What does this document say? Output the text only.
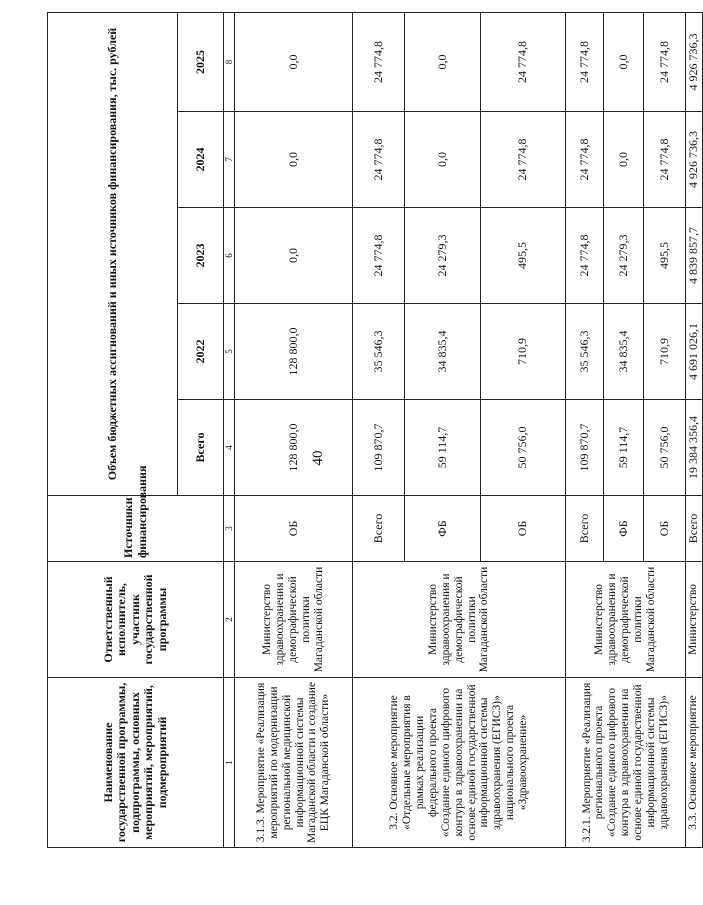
40
Наименование государственной программы, подпрограммы, основных мероприятий, мероприятий, подмероприятий	Ответственный исполнитель, участник государственной программы	Источники финансирования	Объем бюджетных ассигнований и иных источников финансирования, тыс. рублей				
			Всего	2022	2023	2024	2025
1	2	3	4	5	6	7	8
3.1.3. Мероприятие «Реализация мероприятий по модернизации региональной медицинской информационной системы Магаданской области и создание ЕЦК Магаданской области»	Министерство здравоохранения и демографической политики Магаданской области	ОБ	128 800,0	128 800,0	0,0	0,0	0,0
3.2. Основное мероприятие «Отдельные мероприятия в рамках реализации федерального проекта «Создание единого цифрового контура в здравоохранении на основе единой государственной информационной системы здравоохранения (ЕГИСЗ)» национального проекта «Здравоохранение»	Министерство здравоохранения и демографической политики Магаданской области	Всего	109 870,7	35 546,3	24 774,8	24 774,8	24 774,8
		ФБ	59 114,7	34 835,4	24 279,3	0,0	0,0
		ОБ	50 756,0	710,9	495,5	24 774,8	24 774,8
3.2.1. Мероприятие «Реализация регионального проекта «Создание единого цифрового контура в здравоохранении на основе единой государственной информационной системы здравоохранения (ЕГИСЗ)»	Министерство здравоохранения и демографической политики Магаданской области	Всего	109 870,7	35 546,3	24 774,8	24 774,8	24 774,8
		ФБ	59 114,7	34 835,4	24 279,3	0,0	0,0
		ОБ	50 756,0	710,9	495,5	24 774,8	24 774,8
3.3. Основное мероприятие	Министерство	Всего	19 384 356,4	4 691 026,1	4 839 857,7	4 926 736,3	4 926 736,3
